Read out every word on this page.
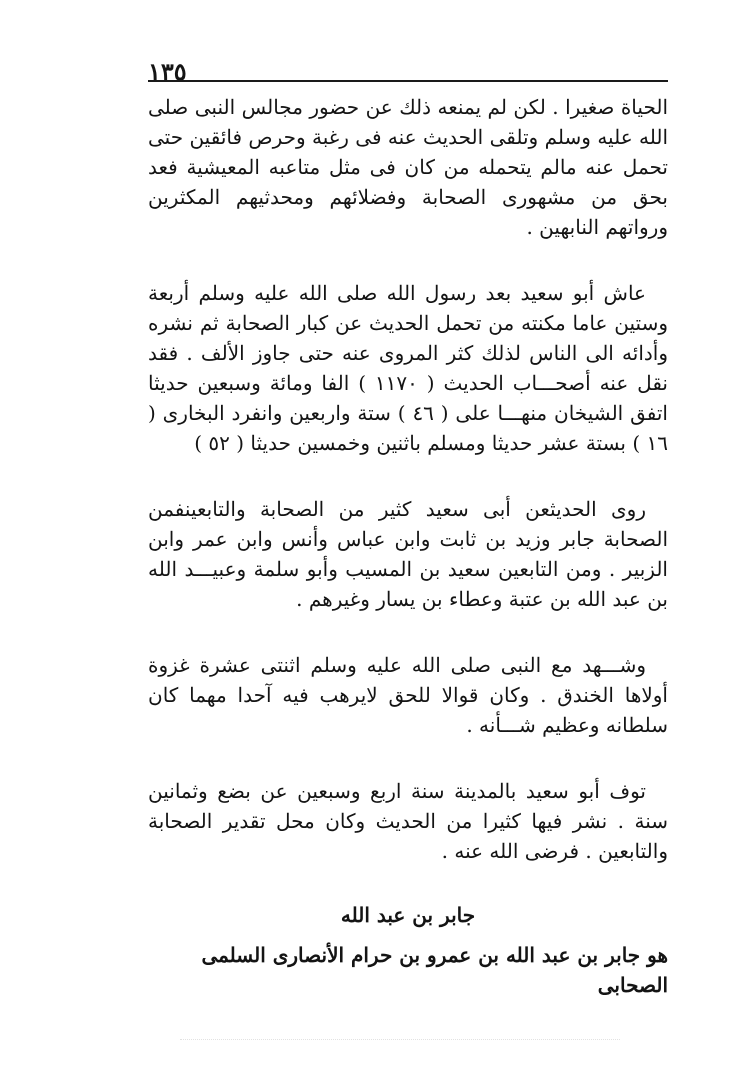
١٣٥

الحياة صغيرا . لكن لم يمنعه ذلك عن حضور مجالس النبى صلى الله عليه وسلم وتلقى الحديث عنه فى رغبة وحرص فائقين حتى تحمل عنه مالم يتحمله من كان فى مثل متاعبه المعيشية فعد بحق من مشهورى الصحابة وفضلائهم ومحدثيهم المكثرين ورواتهم النابهين .

عاش أبو سعيد بعد رسول الله صلى الله عليه وسلم أربعة وستين عاما مكنته من تحمل الحديث عن كبار الصحابة ثم نشره وأدائه الى الناس لذلك كثر المروى عنه حتى جاوز الألف . فقد نقل عنه أصحـــاب الحديث ( ١١٧٠ ) الفا ومائة وسبعين حديثا اتفق الشيخان منهـــا على ( ٤٦ ) ستة واربعين وانفرد البخارى ( ١٦ ) بستة عشر حديثا ومسلم باثنين وخمسين حديثا ( ٥٢ )

روى الحديثعن أبى سعيد كثير من الصحابة والتابعينفمن الصحابة جابر وزيد بن ثابت وابن عباس وأنس وابن عمر وابن الزبير . ومن التابعين سعيد بن المسيب وأبو سلمة وعبيـــد الله بن عبد الله بن عتبة وعطاء بن يسار وغيرهم .

وشـــهد مع النبى صلى الله عليه وسلم اثنتى عشرة غزوة أولاها الخندق . وكان قوالا للحق لايرهب فيه آحدا مهما كان سلطانه وعظيم شـــأنه .

توف أبو سعيد بالمدينة سنة اربع وسبعين عن بضع وثمانين سنة . نشر فيها كثيرا من الحديث وكان محل تقدير الصحابة والتابعين . فرضى الله عنه .

جابر بن عبد الله

هو جابر بن عبد الله بن عمرو بن حرام الأنصارى السلمى الصحابى
